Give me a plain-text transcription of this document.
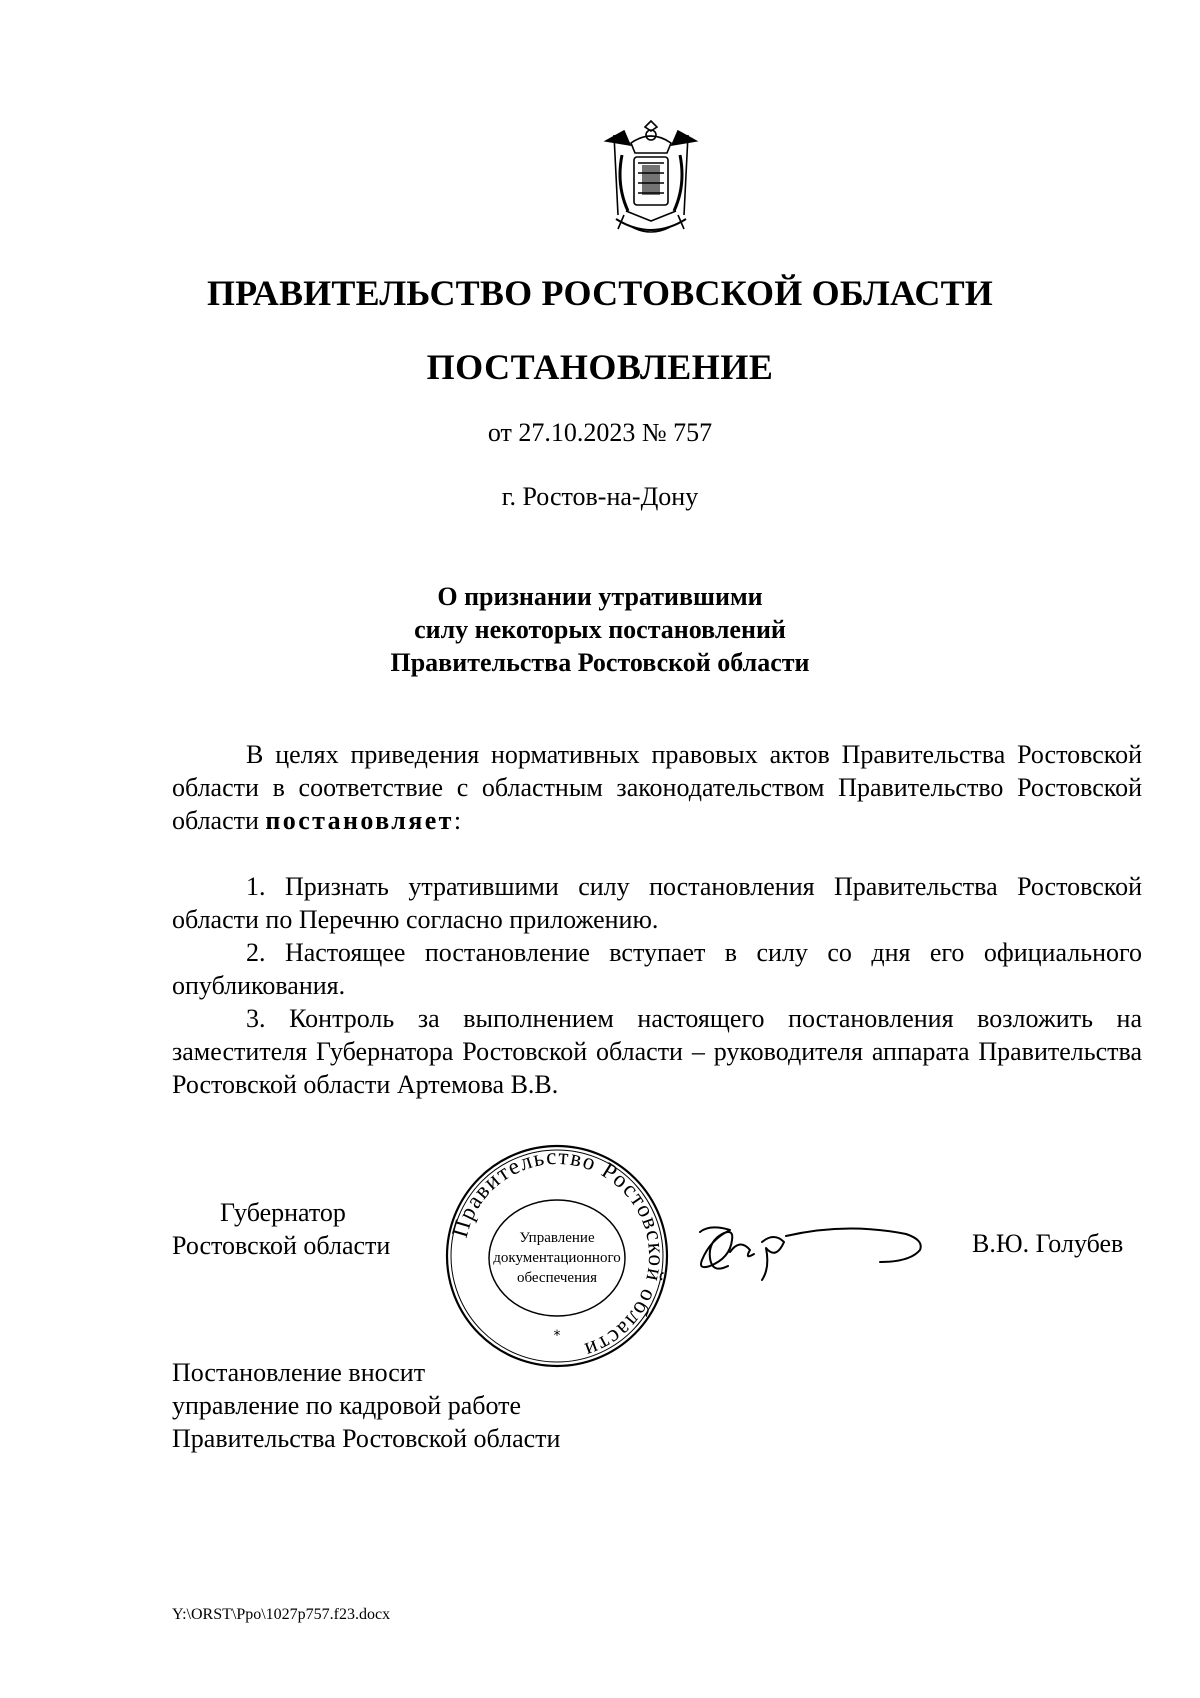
ПРАВИТЕЛЬСТВО РОСТОВСКОЙ ОБЛАСТИ
ПОСТАНОВЛЕНИЕ
от 27.10.2023 № 757
г. Ростов-на-Дону
О признании утратившими
силу некоторых постановлений
Правительства Ростовской области

В целях приведения нормативных правовых актов Правительства Ростовской области в соответствие с областным законодательством Правительство Ростовской области постановляет:

1. Признать утратившими силу постановления Правительства Ростовской области по Перечню согласно приложению.

2. Настоящее постановление вступает в силу со дня его официального опубликования.

3. Контроль за выполнением настоящего постановления возложить на заместителя Губернатора Ростовской области – руководителя аппарата Правительства Ростовской области Артемова В.В.

Губернатор
Ростовской области
Правительство Ростовской области
Управление
документационного
обеспечения
*
В.Ю. Голубев
Постановление вносит
управление по кадровой работе
Правительства Ростовской области
Y:\ORST\Ppo\1027p757.f23.docx
